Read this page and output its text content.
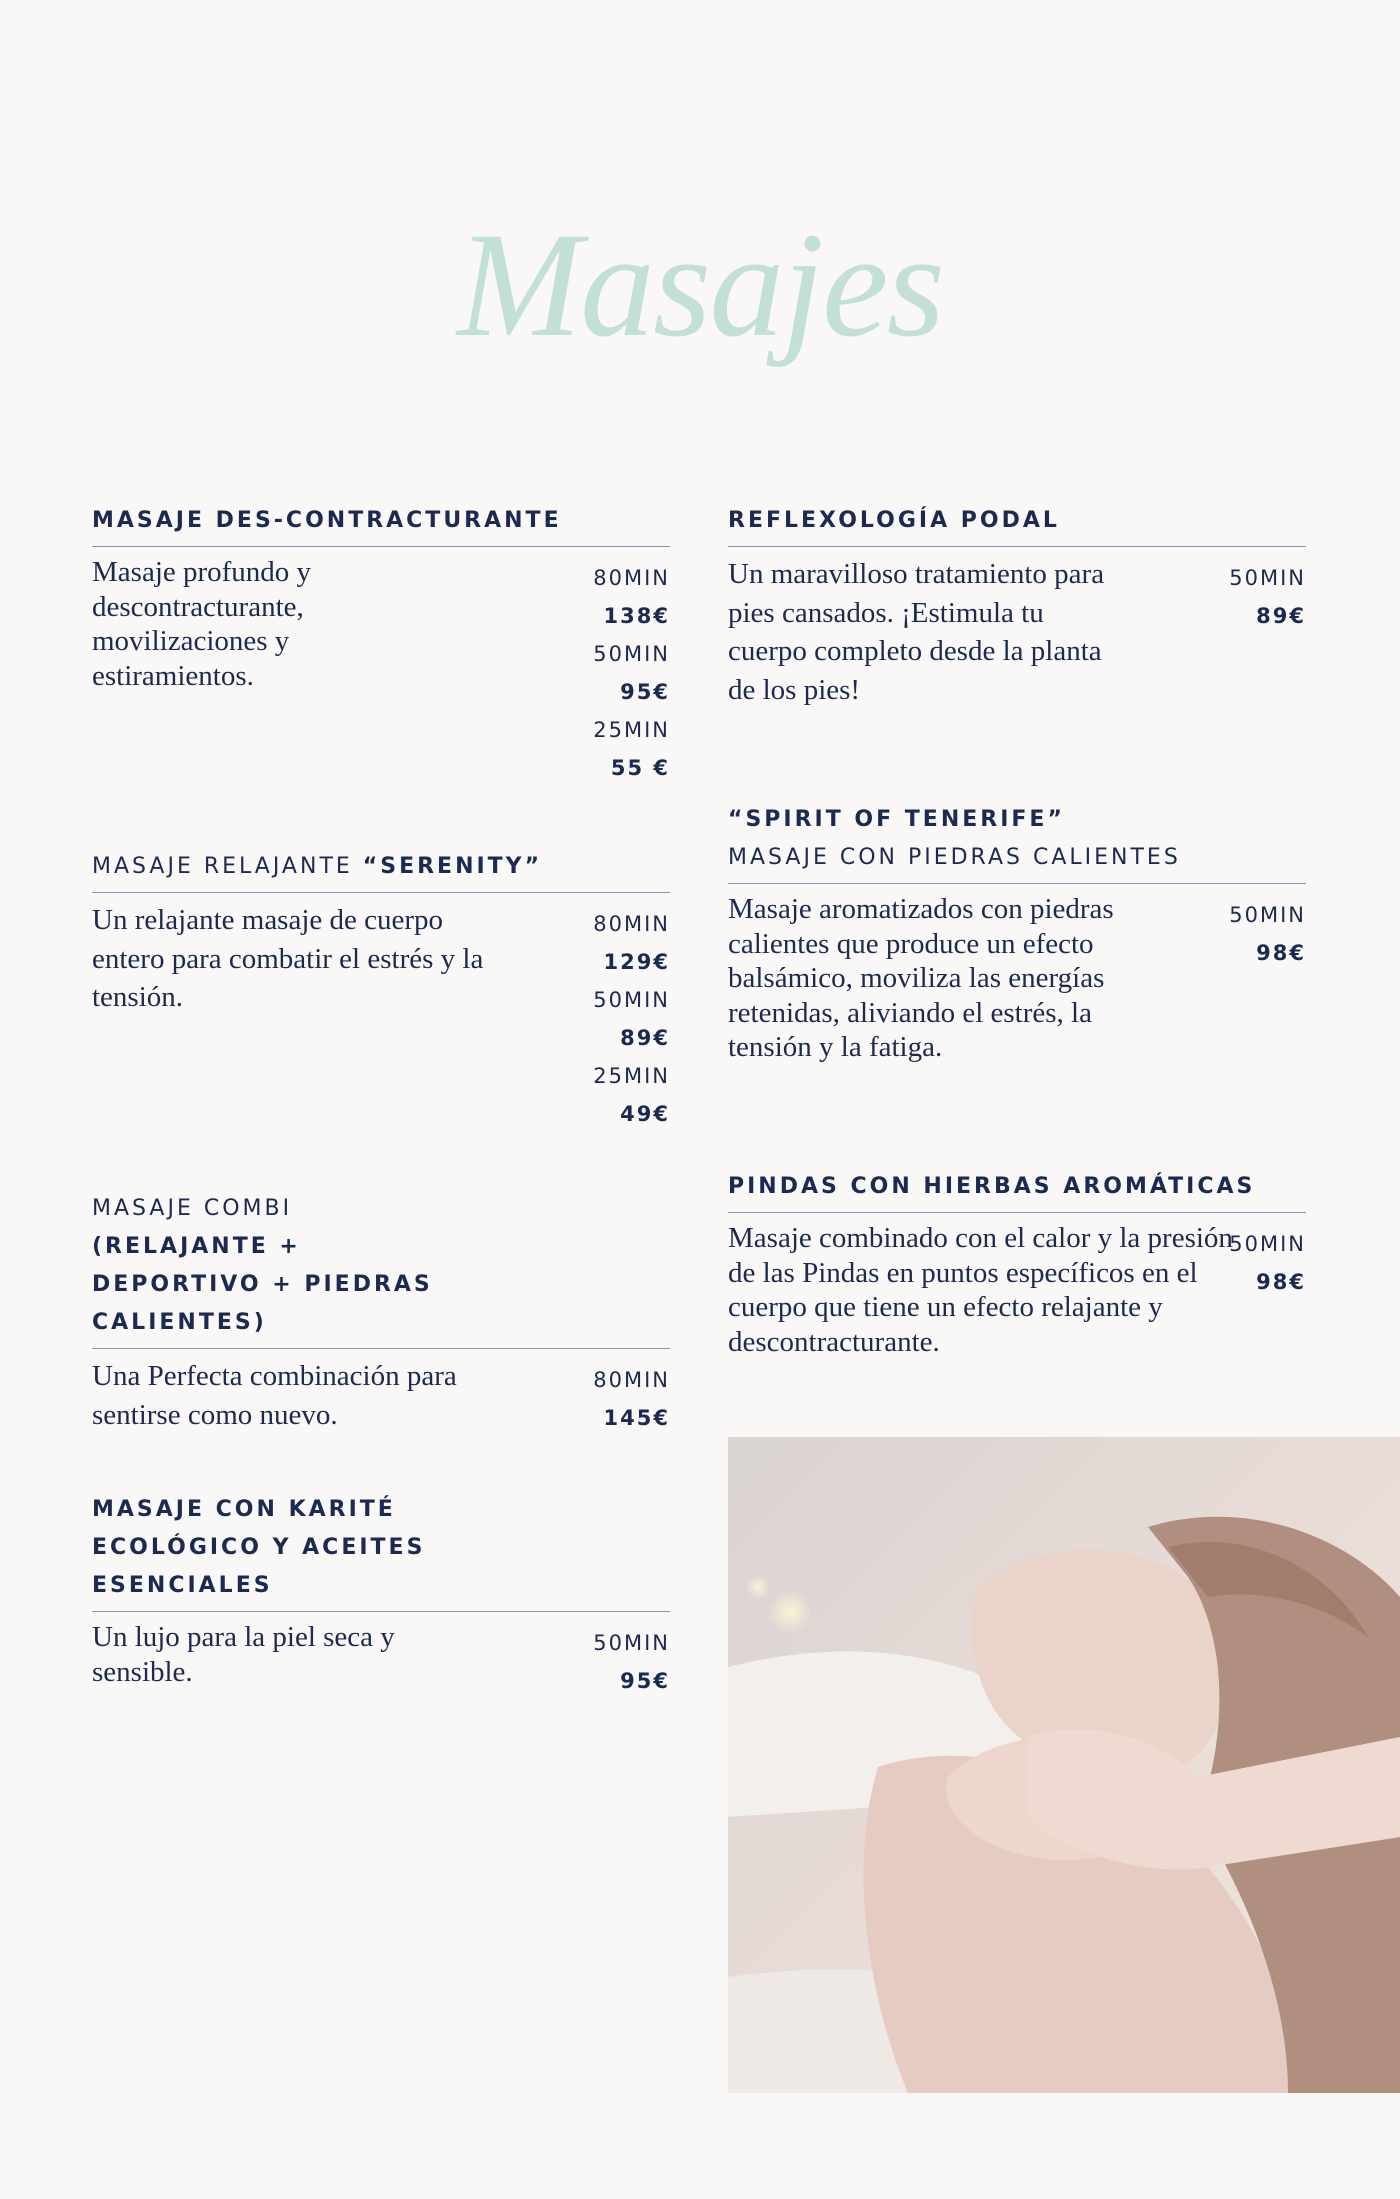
Masajes
MASAJE DES-CONTRACTURANTE
Masaje profundo y descontracturante, movilizaciones y estiramientos.
80MIN
138€
50MIN
95€
25MIN
55 €
MASAJE RELAJANTE “SERENITY”
Un relajante masaje de cuerpo entero para combatir el estrés y la tensión.
80MIN
129€
50MIN
89€
25MIN
49€
MASAJE COMBI (RELAJANTE + DEPORTIVO + PIEDRAS CALIENTES)
Una Perfecta combinación para sentirse como nuevo.
80MIN
145€
MASAJE CON KARITÉ ECOLÓGICO Y ACEITES ESENCIALES
Un lujo para la piel seca y sensible.
50MIN
95€
REFLEXOLOGÍA PODAL
Un maravilloso tratamiento para pies cansados. ¡Estimula tu cuerpo completo desde la planta de los pies!
50MIN
89€
“SPIRIT OF TENERIFE”
MASAJE CON PIEDRAS CALIENTES
Masaje aromatizados con piedras calientes que produce un efecto balsámico, moviliza las energías retenidas, aliviando el estrés, la tensión y la fatiga.
50MIN
98€
PINDAS CON HIERBAS AROMÁTICAS
Masaje combinado con el calor y la presión de las Pindas en puntos específicos en el cuerpo que tiene un efecto relajante y descontracturante.
50MIN
98€
